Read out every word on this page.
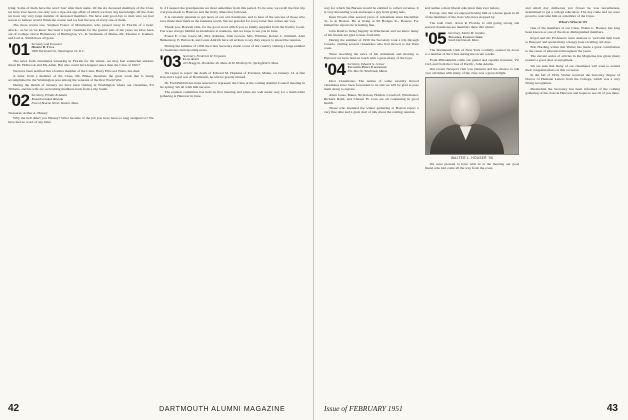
lying. Some of them have the word 'late' after their name. Of the six deceased members of the Class we have ever heard, one only was a ripe-old-age affair of which we have any knowledge. Of the class we have any very large number of deceased members. We have said good-bye to men who we had reason to believe would finish the course and we feel the loss of every one of them.

The more recent one, Stephen Foster of Manchester, who passed away in Florida of a heart attack... as far as we know has been a loyal classmate for the greater part of the years we have been out of College. Oscar Hemenway of Burlington, Vt., R. Vermeule, of Maine, Mr. Thomas C. Kunkel, and Carl A. Smith have all gone.

'01 Secretary and Treasurer
Herbert B. Tyler
1806 Dartmouth St., Washington 10, D.C.

The news from classmates wintering in Florida for the winter, we may feel somewhat anxious about Dr. Holbrook and Mr. Allen. But who could have happier news than the Class of 1901?

We have been notified that a former member of the Class, Harry Ellwood Watts, has died.

A letter from a member of the Class, Mr. Blake, mentions the great work that is being accomplished in the Washington area among the veterans of the first World War.

During the month of January we have been visiting in Washington where our classmate, Ed Tibbetts, and his wife are welcoming members back from a trip South.

'02 Secretary, Prindle & Adams
Josiah Coolidge Atwood
Foot of Beacon Street, Boston, Mass.

Treasurer, Arthur A. Hussey

Why the bell didn't you Hussey? What became of the job you have been so long assigned to? We have had no word of any kind.

St. 2 I suspect the grandparents we most remember from this period. To be sure, we recall the first trip everyone made to Hanover and the lively times that followed.

It is certainly pleasant to get news of our old classmates, and to hear of the success of those who have made their mark in the business world. We are grateful for every letter that comes our way.

Thank you, Boswell Otis, for the good word which you so kindly supplied from the Pacific Coast. You were always faithful in attendance at reunions, and we hope to see you in June.

Ernest E. Cole, Grace M., Mrs. Robbins, John Gowan, Mrs. Whittier, Robert C. Kimball, Alan Hemenway, E. Babcock, and Louis Aldrich have all written to say they expect to attend the reunion.

During the summer of 1950 the Class Secretary made a tour of the country visiting a large number of classmates and reporting news.

'03 Secretary, Frederick W. Ferguson
Class Agent
225 Bragg St., Brookline 46, Mass. & 62 Winthrop St., Springfield 9, Mass.

We regret to report the death of Edward M. Hopkins of Portland, Maine, on January 14. A fine man and a loyal son of Dartmouth, he will be greatly missed.

Dr. Fred Babbitt has been selected to represent the Class at the coming Alumni Council meeting in the spring. We all wish him success.

The reunion committee has held its first meeting and plans are well under way for a memorable gathering at Hanover in June.

42	DARTMOUTH ALUMNI MAGAZINE

way for which the Bureau would be entitled to collect revenue. It is very interesting work and keeps a guy from going nuts.

Kent Woods after several years of retirement since December 31, is in Boston. He is living at 99 Hodges St., Boston. For himself he reports he is feeling fine.

John Rand is living happily in Winchester and we know many of his friends are glad to hear from him.

During the summer of 1950 the Secretary took a trip through Canada, visiting several classmates who had moved to the West coast.

Since receiving the news of his retirement and moving to Hanover we have been in touch with a great many of the boys.

'04 Secretary, Edward G. Grover
Treasurer, Pierce Farnsworth
P.O. Box 56, Westbrook, Maine

Dear Classmates: The names of some recently moved classmates have been forwarded to us and we will be glad to pass them along to anyone.

Allen Jones, Baker, Nicholson, Holden, Crawford, Winchester, Richard Rand, and Chester H. Cass are all continuing in good health.

Those who attended the winter gathering at Boston report a very fine time and a great deal of talk about the coming reunion.

and realize a most liberal education than ever before.

Except, also that we enjoyed having him as a house guest in all of the members of the class who have stopped by.

The Gull Club, down in Florida, is still going strong and several classmates are members there this winter.

'05 Secretary, Edwin M. Gordon
Treasurer, Florence Gibbs
South Dartmouth, Mass.

The Dartmouth Club of New York cordially opened its doors to a number of the Class during the recent weeks.

From Philadelphia came our genial and capable treasurer, Vic Carl, and from the Class of Pacific, John Adams.

Our recent Newport visit was pleasant and the chance to talk over old times with many of the class was a great delight.

WALTER L. HOUSER '05

We were pleased to have with us at the meeting our good friend who had come all the way from the coast.

and small day deliberate wet flower he was nevertheless, determined to get a college education. The day came and we were proud to welcome him as a member of the Class.

What's Wise in '05

One of the members of our Class, Walter L. Houser, has long been known as one of the most distinguished members.

Royal and his Professors were anxious to welcome him back to Hanover and spend many a happy hour recalling old days.

Bob Harding writes that Walter has made a great contribution to the cause of education throughout the years.

The current series of articles in the Magazine has given many readers a good deal of enjoyment.

We are sure that many of our classmates will want to extend their congratulations on this occasion.

In the fall of 1950, Walter received the honorary degree of Doctor of Humane Letters from the College, which was a very fitting recognition.

Meanwhile the Secretary has been informed of the coming gathering of the class in Hanover and hopes to see all of you there.

Issue of FEBRUARY 1951	43
